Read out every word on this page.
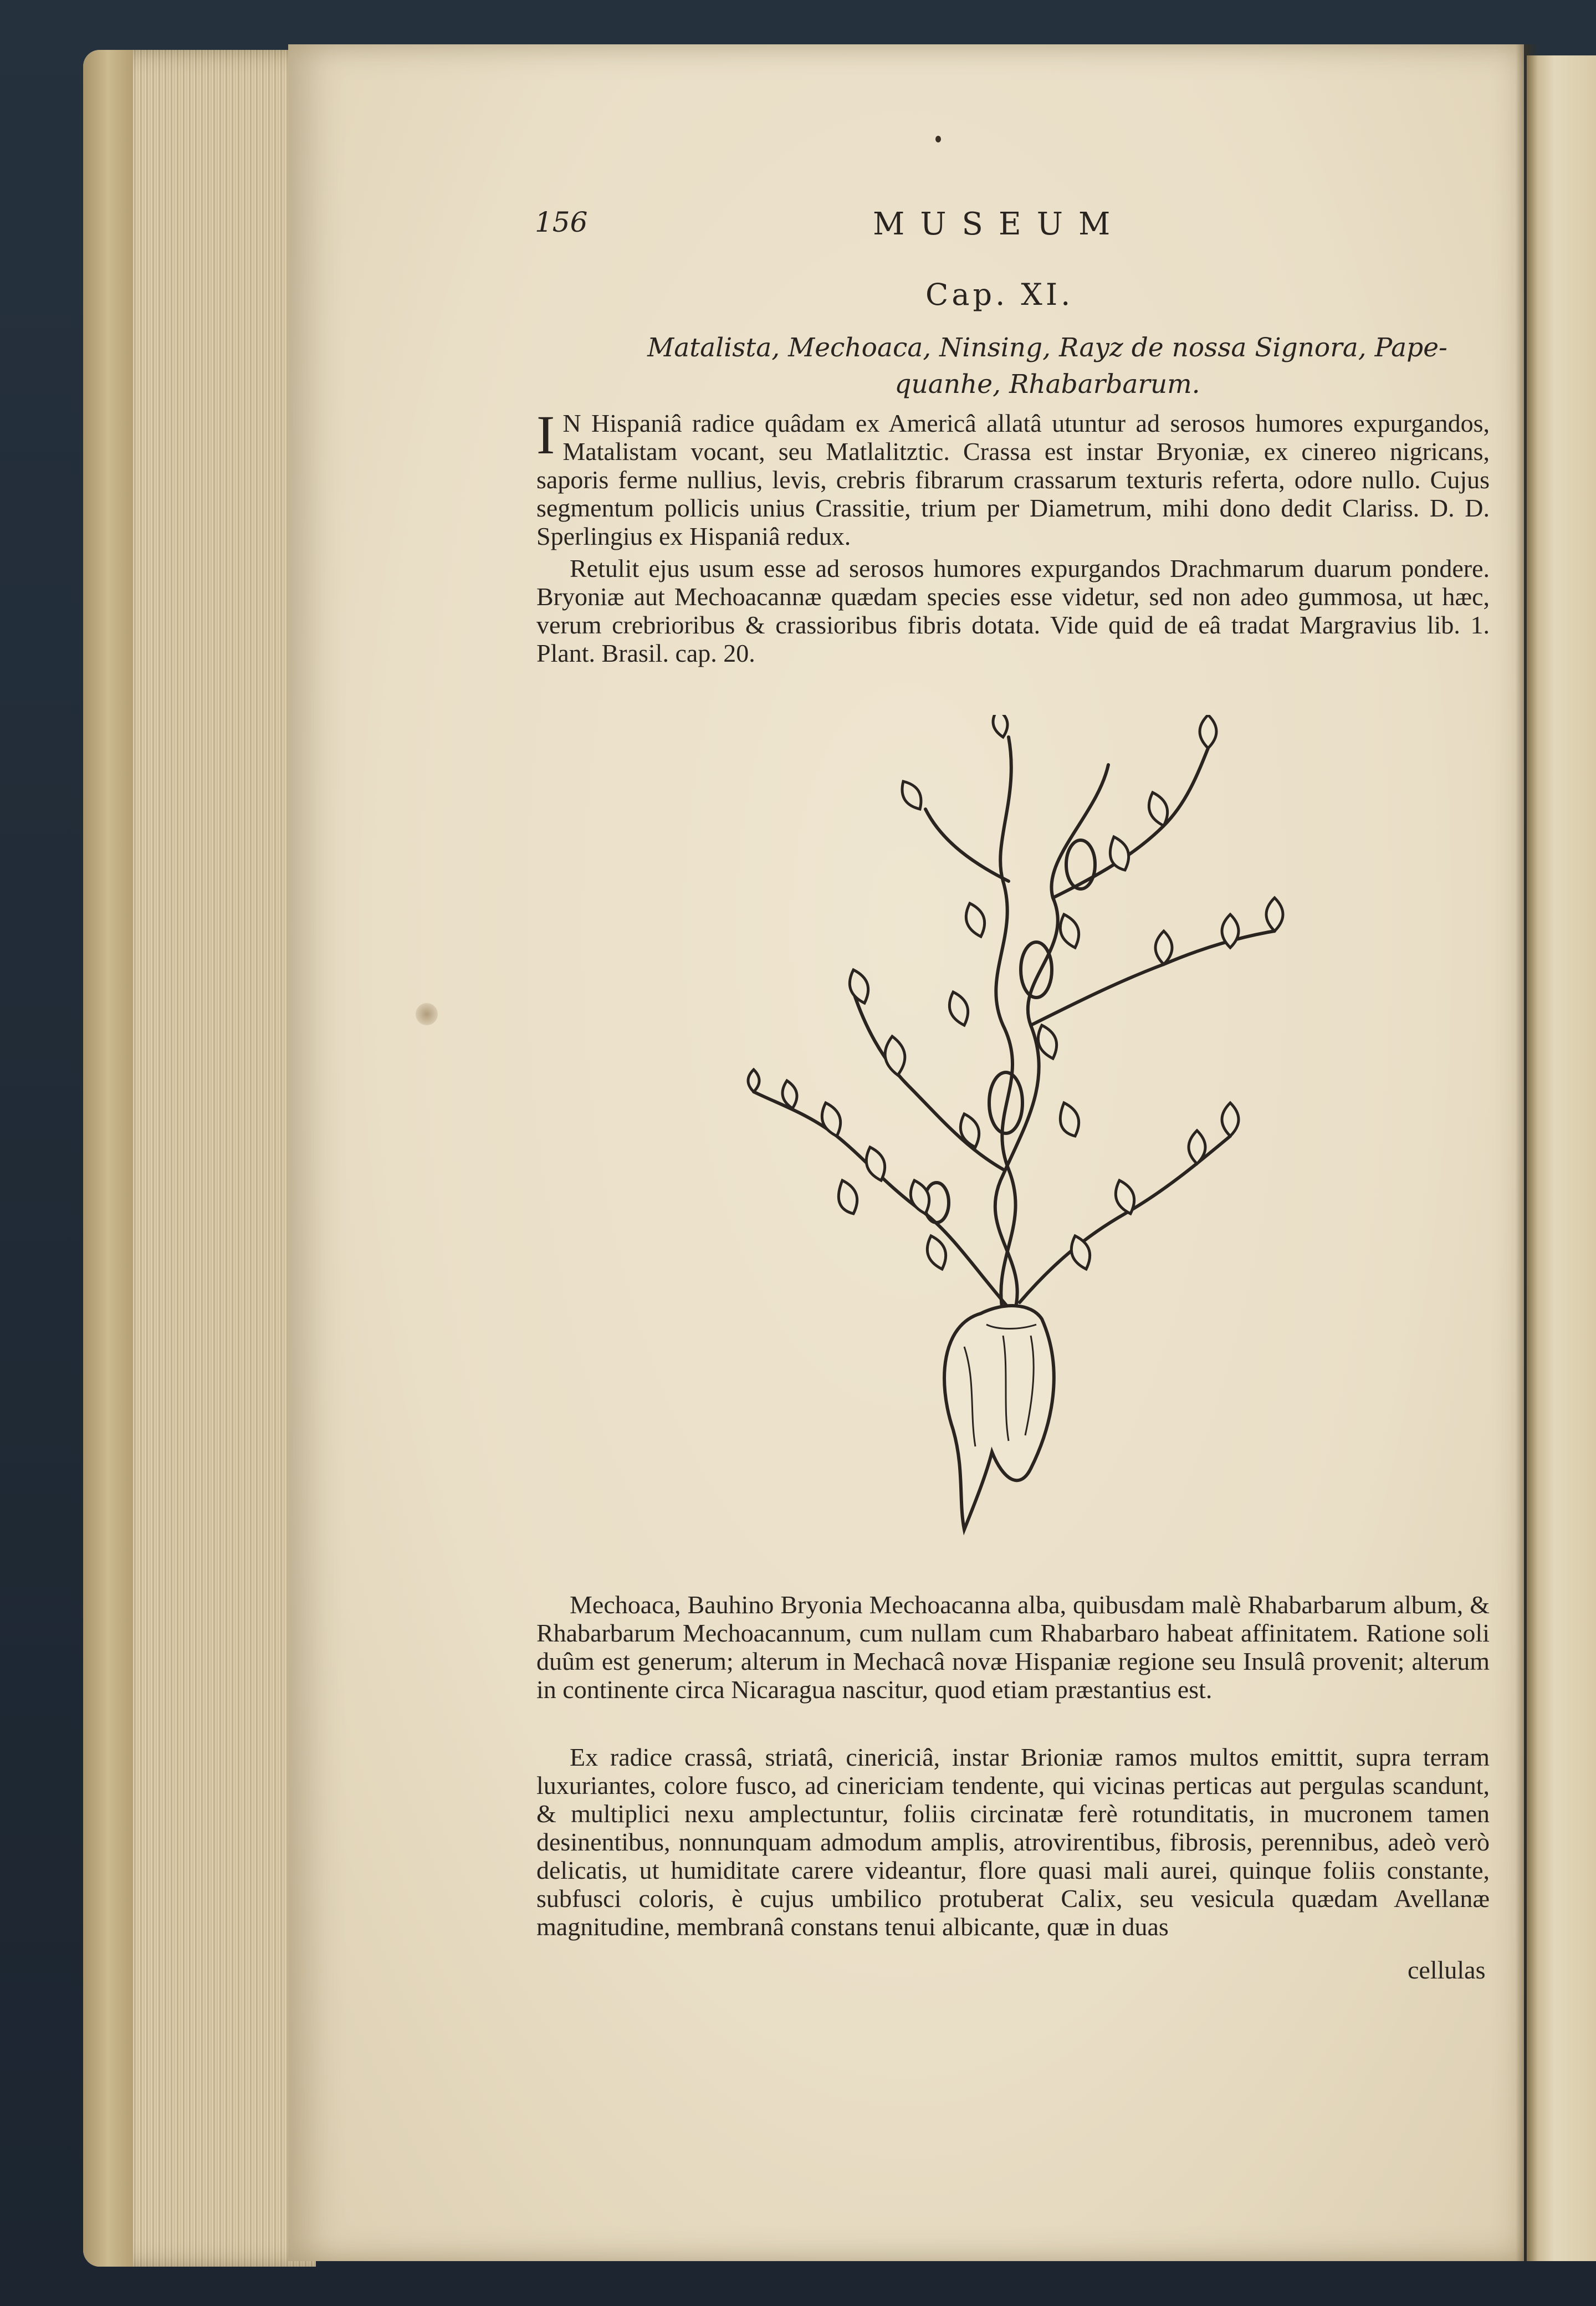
156	MUSEUM
Cap. XI.
Matalista, Mechoaca, Ninsing, Rayz de nossa Signora, Pape-
quanhe, Rhabarbarum.
I N Hispaniâ radice quâdam ex Americâ allatâ utuntur ad serosos humores expurgandos, Matalistam vocant, seu Matlalitztic. Crassa est instar Bryoniæ, ex cinereo nigricans, saporis ferme nullius, levis, crebris fibrarum crassarum texturis referta, odore nullo. Cujus segmentum pollicis unius Crassitie, trium per Diametrum, mihi dono dedit Clariss. D. D. Sperlingius ex Hispaniâ redux.
Retulit ejus usum esse ad serosos humores expurgandos Drachmarum duarum pondere. Bryoniæ aut Mechoacannæ quædam species esse videtur, sed non adeo gummosa, ut hæc, verum crebrioribus & crassioribus fibris dotata. Vide quid de eâ tradat Margravius lib. 1. Plant. Brasil. cap. 20.
Mechoaca, Bauhino Bryonia Mechoacanna alba, quibusdam malè Rhabarbarum album, & Rhabarbarum Mechoacannum, cum nullam cum Rhabarbaro habeat affinitatem. Ratione soli duûm est generum; alterum in Mechacâ novæ Hispaniæ regione seu Insulâ provenit; alterum in continente circa Nicaragua nascitur, quod etiam præstantius est.
Ex radice crassâ, striatâ, cinericiâ, instar Brioniæ ramos multos emittit, supra terram luxuriantes, colore fusco, ad cinericiam tendente, qui vicinas perticas aut pergulas scandunt, & multiplici nexu amplectuntur, foliis circinatæ ferè rotunditatis, in mucronem tamen desinentibus, nonnunquam admodum amplis, atrovirentibus, fibrosis, perennibus, adeò verò delicatis, ut humiditate carere videantur, flore quasi mali aurei, quinque foliis constante, subfusci coloris, è cujus umbilico protuberat Calix, seu vesicula quædam Avellanæ magnitudine, membranâ constans tenui albicante, quæ in duas
cellulas
